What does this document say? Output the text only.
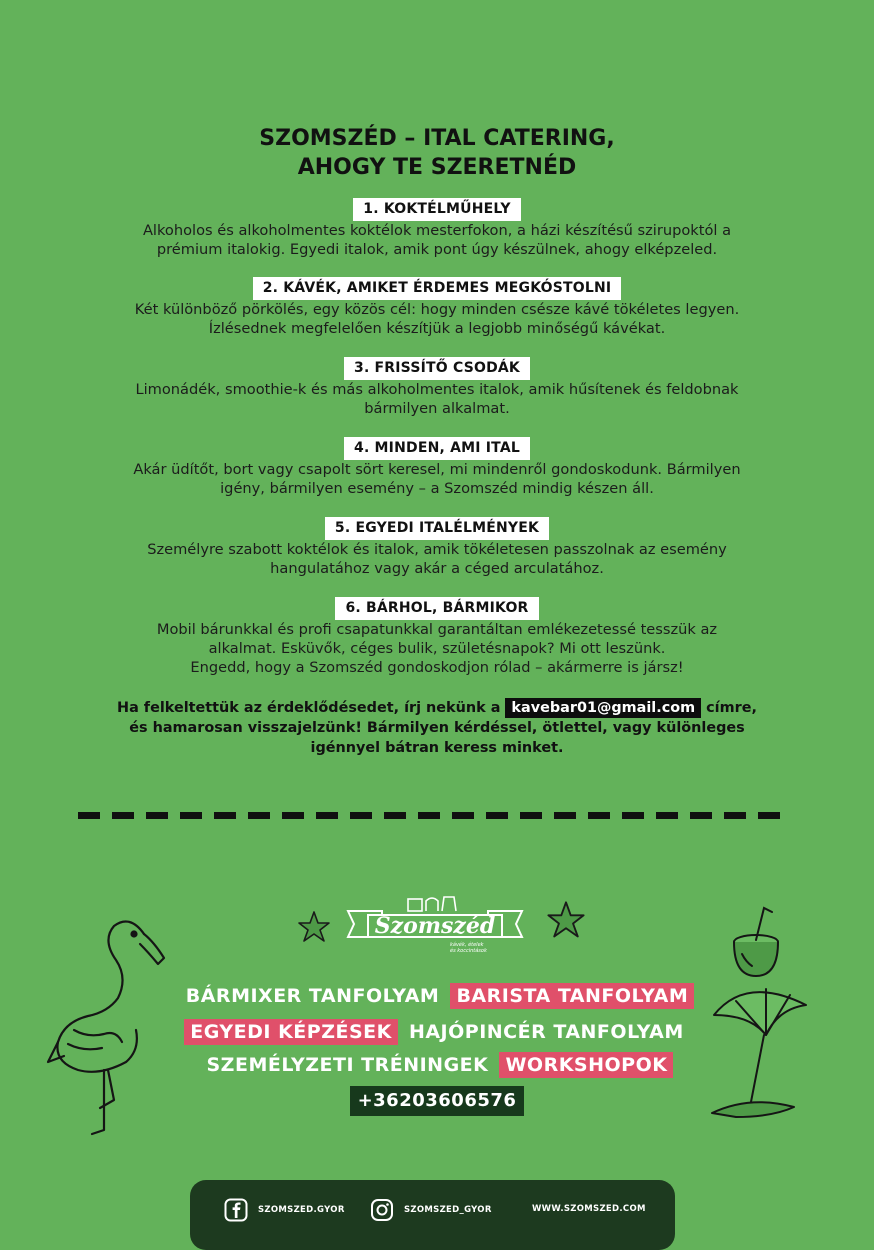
SZOMSZÉD – ITAL CATERING,
AHOGY TE SZERETNÉD
1. KOKTÉLMŰHELY
Alkoholos és alkoholmentes koktélok mesterfokon, a házi készítésű szirupoktól a
prémium italokig. Egyedi italok, amik pont úgy készülnek, ahogy elképzeled.
2. KÁVÉK, AMIKET ÉRDEMES MEGKÓSTOLNI
Két különböző pörkölés, egy közös cél: hogy minden csésze kávé tökéletes legyen.
Ízlésednek megfelelően készítjük a legjobb minőségű kávékat.
3. FRISSÍTŐ CSODÁK
Limonádék, smoothie-k és más alkoholmentes italok, amik hűsítenek és feldobnak
bármilyen alkalmat.
4. MINDEN, AMI ITAL
Akár üdítőt, bort vagy csapolt sört keresel, mi mindenről gondoskodunk. Bármilyen
igény, bármilyen esemény – a Szomszéd mindig készen áll.
5. EGYEDI ITALÉLMÉNYEK
Személyre szabott koktélok és italok, amik tökéletesen passzolnak az esemény
hangulatához vagy akár a céged arculatához.
6. BÁRHOL, BÁRMIKOR
Mobil bárunkkal és profi csapatunkkal garantáltan emlékezetessé tesszük az
alkalmat. Esküvők, céges bulik, születésnapok? Mi ott leszünk.
Engedd, hogy a Szomszéd gondoskodjon rólad – akármerre is jársz!
Ha felkeltettük az érdeklődésedet, írj nekünk a kavebar01@gmail.com címre,
és hamarosan visszajelzünk! Bármilyen kérdéssel, ötlettel, vagy különleges
igénnyel bátran keress minket.
Szomszéd
kávék, ételek
és koccintások
BÁRMIXER TANFOLYAM BARISTA TANFOLYAM
EGYEDI KÉPZÉSEK HAJÓPINCÉR TANFOLYAM
SZEMÉLYZETI TRÉNINGEK WORKSHOPOK
+36203606576
SZOMSZED.GYOR	SZOMSZED_GYOR	WWW.SZOMSZED.COM
